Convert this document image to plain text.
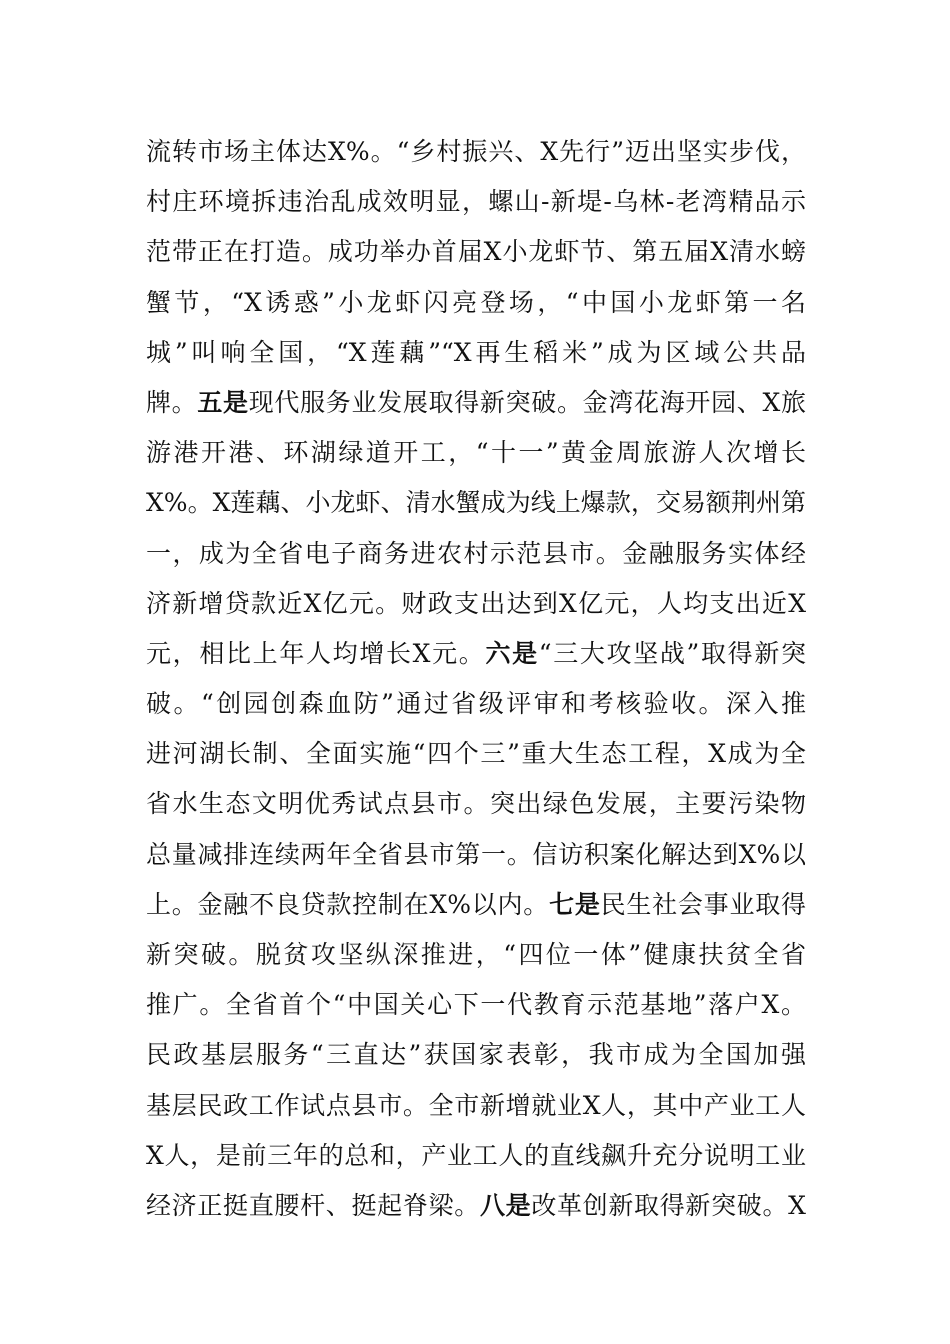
流转市场主体达X%。“乡村振兴、X先行”迈出坚实步伐，
村庄环境拆违治乱成效明显，螺山-新堤-乌林-老湾精品示
范带正在打造。成功举办首届X小龙虾节、第五届X清水螃
蟹节，“X诱惑”小龙虾闪亮登场，“中国小龙虾第一名
城”叫响全国，“X莲藕”“X再生稻米”成为区域公共品
牌。五是现代服务业发展取得新突破。金湾花海开园、X旅
游港开港、环湖绿道开工，“十一”黄金周旅游人次增长
X%。X莲藕、小龙虾、清水蟹成为线上爆款，交易额荆州第
一，成为全省电子商务进农村示范县市。金融服务实体经
济新增贷款近X亿元。财政支出达到X亿元，人均支出近X
元，相比上年人均增长X元。六是“三大攻坚战”取得新突
破。“创园创森血防”通过省级评审和考核验收。深入推
进河湖长制、全面实施“四个三”重大生态工程，X成为全
省水生态文明优秀试点县市。突出绿色发展，主要污染物
总量减排连续两年全省县市第一。信访积案化解达到X%以
上。金融不良贷款控制在X%以内。七是民生社会事业取得
新突破。脱贫攻坚纵深推进，“四位一体”健康扶贫全省
推广。全省首个“中国关心下一代教育示范基地”落户X。
民政基层服务“三直达”获国家表彰，我市成为全国加强
基层民政工作试点县市。全市新增就业X人，其中产业工人
X人，是前三年的总和，产业工人的直线飙升充分说明工业
经济正挺直腰杆、挺起脊梁。八是改革创新取得新突破。X
